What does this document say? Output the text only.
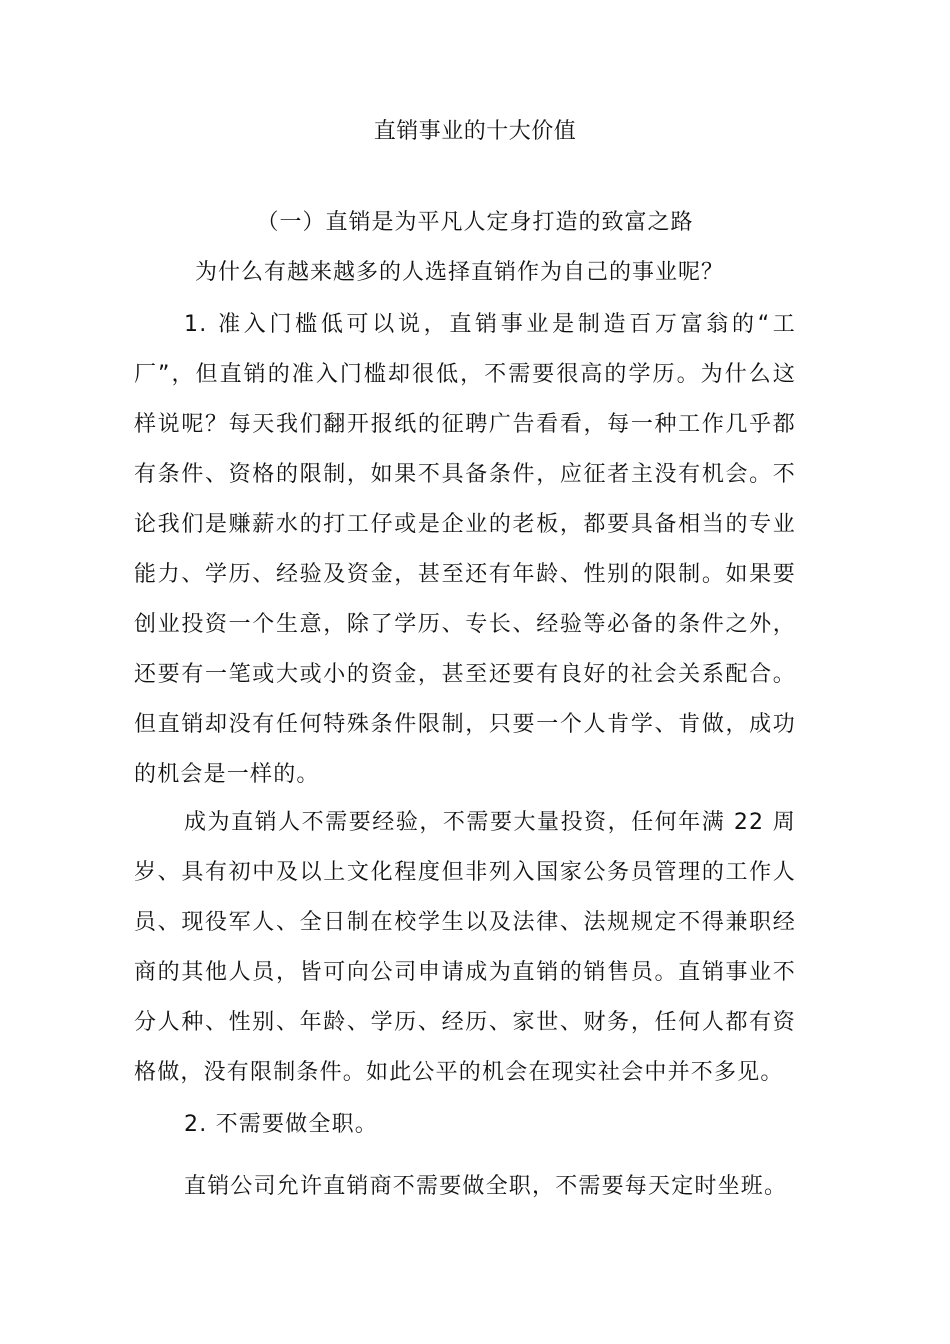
直销事业的十大价值
（一）直销是为平凡人定身打造的致富之路
为什么有越来越多的人选择直销作为自己的事业呢？
1. 准入门槛低可以说，直销事业是制造百万富翁的“工厂”，但直销的准入门槛却很低，不需要很高的学历。为什么这样说呢？每天我们翻开报纸的征聘广告看看，每一种工作几乎都有条件、资格的限制，如果不具备条件，应征者主没有机会。不论我们是赚薪水的打工仔或是企业的老板，都要具备相当的专业能力、学历、经验及资金，甚至还有年龄、性别的限制。如果要创业投资一个生意，除了学历、专长、经验等必备的条件之外，还要有一笔或大或小的资金，甚至还要有良好的社会关系配合。但直销却没有任何特殊条件限制，只要一个人肯学、肯做，成功的机会是一样的。
成为直销人不需要经验，不需要大量投资，任何年满 22 周岁、具有初中及以上文化程度但非列入国家公务员管理的工作人员、现役军人、全日制在校学生以及法律、法规规定不得兼职经商的其他人员，皆可向公司申请成为直销的销售员。直销事业不分人种、性别、年龄、学历、经历、家世、财务，任何人都有资格做，没有限制条件。如此公平的机会在现实社会中并不多见。
2. 不需要做全职。
直销公司允许直销商不需要做全职，不需要每天定时坐班。
